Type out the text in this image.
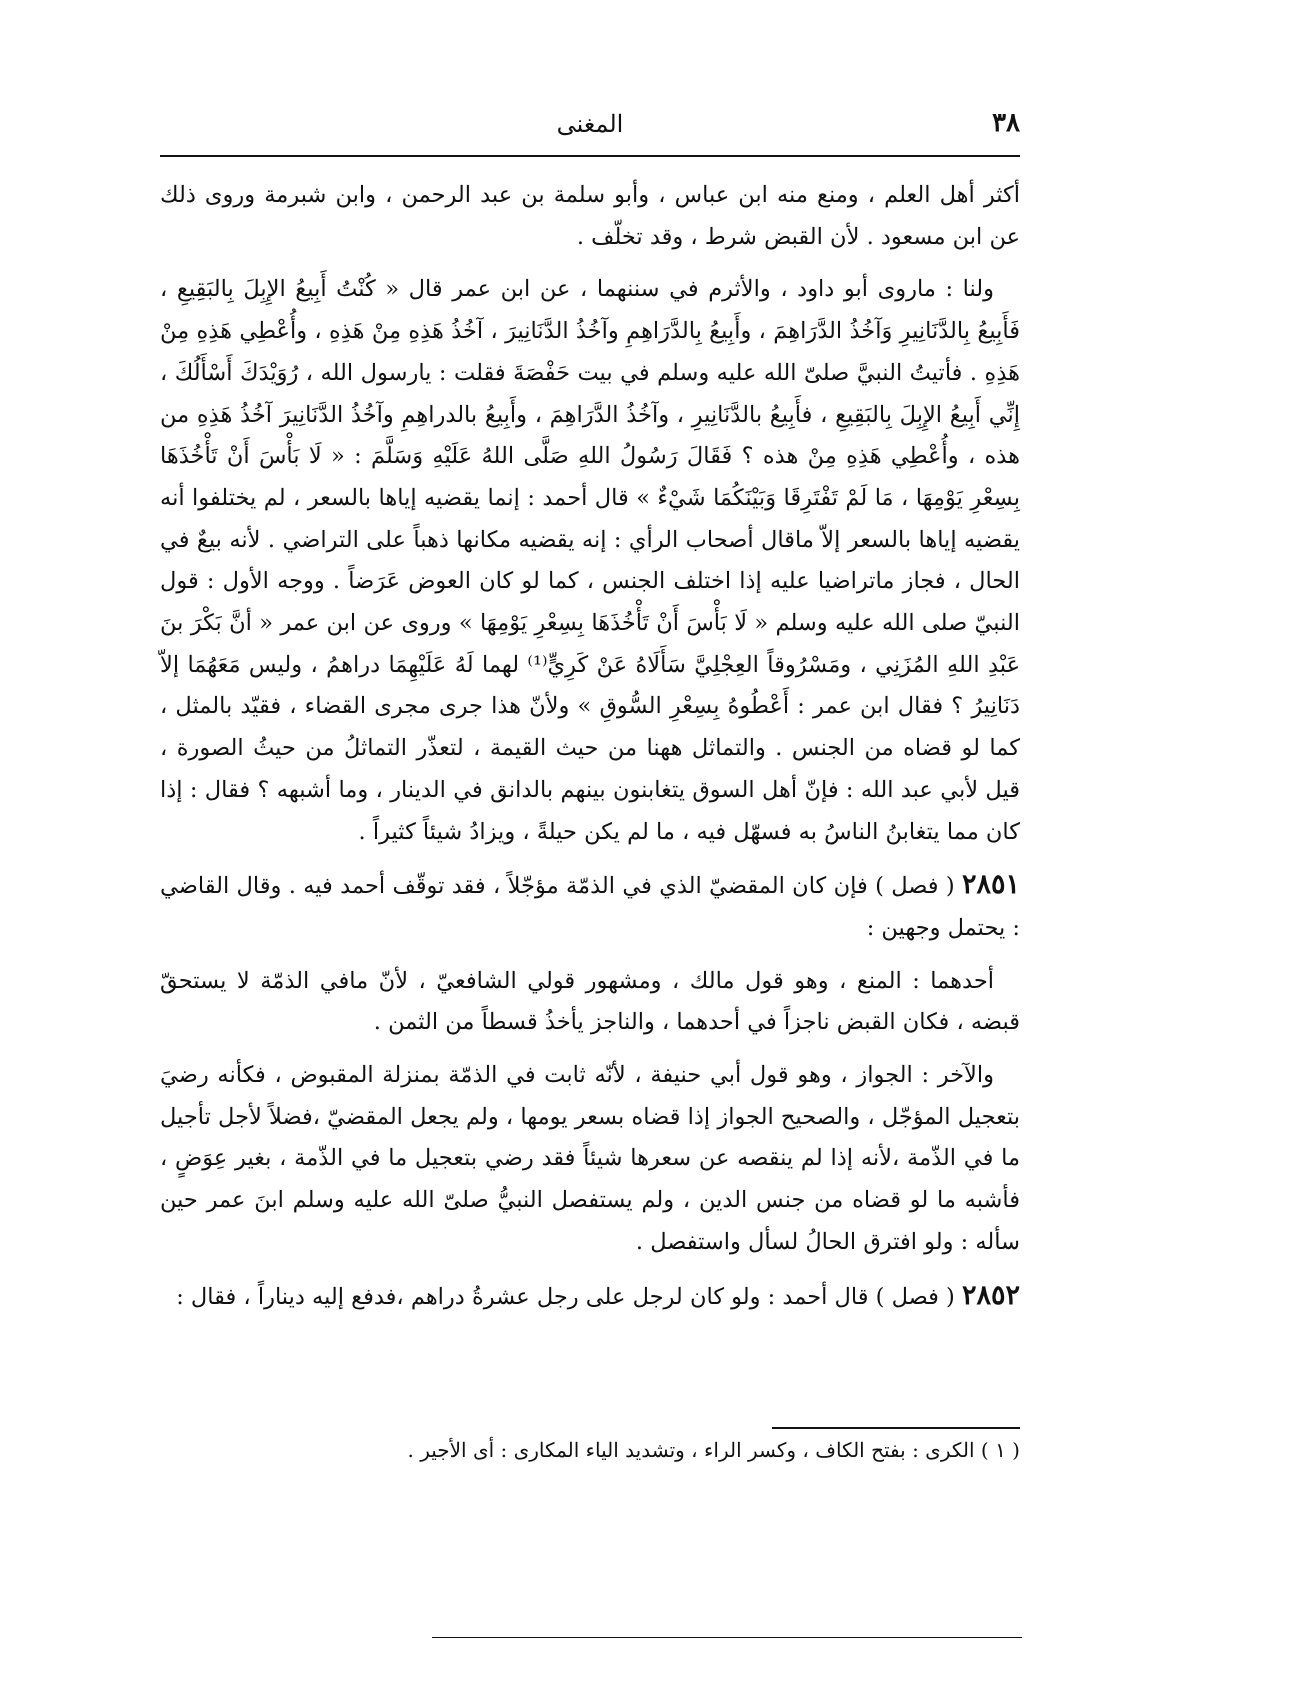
٣٨
المغنى

أكثر أهل العلم ، ومنع منه ابن عباس ، وأبو سلمة بن عبد الرحمن ، وابن شبرمة وروى ذلك عن ابن مسعود . لأن القبض شرط ، وقد تخلّف .

ولنا : ماروى أبو داود ، والأثرم في سننهما ، عن ابن عمر قال « كُنْتُ أَبِيعُ الإِبِلَ بِالبَقِيعِ ، فَأَبِيعُ بِالدَّنَانِيرِ وَآخُذُ الدَّرَاهِمَ ، وأَبِيعُ بِالدَّرَاهِمِ وآخُذُ الدَّنَانِيرَ ، آخُذُ هَذِهِ مِنْ هَذِهِ ، وأُعْطِي هَذِهِ مِنْ هَذِهِ . فأتيتُ النبيَّ صلىّ الله عليه وسلم في بيت حَفْصَةَ فقلت : يارسول الله ، رُوَيْدَكَ أَسْأَلُكَ ، إِنِّي أَبِيعُ الإِبِلَ بِالبَقِيعِ ، فأَبِيعُ بالدَّنَانِيرِ ، وآخُذُ الدَّرَاهِمَ ، وأَبِيعُ بالدراهِمِ وآخُذُ الدَّنَانِيرَ آخُذُ هَذِهِ من هذه ، وأُعْطِي هَذِهِ مِنْ هذه ؟ فَقَالَ رَسُولُ اللهِ صَلَّى اللهُ عَلَيْهِ وَسَلَّمَ : « لَا بَأْسَ أَنْ تَأْخُذَهَا بِسِعْرِ يَوْمِهَا ، مَا لَمْ تَفْتَرِقَا وَبَيْنَكُمَا شَيْءٌ » قال أحمد : إنما يقضيه إياها بالسعر ، لم يختلفوا أنه يقضيه إياها بالسعر إلاّ ماقال أصحاب الرأي : إنه يقضيه مكانها ذهباً على التراضي . لأنه بيعٌ في الحال ، فجاز ماتراضيا عليه إذا اختلف الجنس ، كما لو كان العوض عَرَضاً . ووجه الأول : قول النبيّ صلى الله عليه وسلم « لَا بَأْسَ أَنْ تَأْخُذَهَا بِسِعْرِ يَوْمِهَا » وروى عن ابن عمر « أنَّ بَكْرَ بنَ عَبْدِ اللهِ المُزَنِي ، ومَسْرُوقاً العِجْلِيَّ سَأَلَاهُ عَنْ كَرِيٍّ⁽¹⁾ لهما لَهُ عَلَيْهِمَا دراهمُ ، وليس مَعَهُمَا إلاّ دَنَانِيرُ ؟ فقال ابن عمر : أَعْطُوهُ بِسِعْرِ السُّوقِ » ولأنّ هذا جرى مجرى القضاء ، فقيّد بالمثل ، كما لو قضاه من الجنس . والتماثل ههنا من حيث القيمة ، لتعذّر التماثلُ من حيثُ الصورة ، قيل لأبي عبد الله : فإنّ أهل السوق يتغابنون بينهم بالدانق في الدينار ، وما أشبهه ؟ فقال : إذا كان مما يتغابنُ الناسُ به فسهّل فيه ، ما لم يكن حيلةً ، ويزادُ شيئاً كثيراً .

٢٨٥١ ( فصل ) فإن كان المقضيّ الذي في الذمّة مؤجّلاً ، فقد توقّف أحمد فيه . وقال القاضي : يحتمل وجهين :

أحدهما : المنع ، وهو قول مالك ، ومشهور قولي الشافعيّ ، لأنّ مافي الذمّة لا يستحقّ قبضه ، فكان القبض ناجزاً في أحدهما ، والناجز يأخذُ قسطاً من الثمن .

والآخر : الجواز ، وهو قول أبي حنيفة ، لأنّه ثابت في الذمّة بمنزلة المقبوض ، فكأنه رضيَ بتعجيل المؤجّل ، والصحيح الجواز إذا قضاه بسعر يومها ، ولم يجعل المقضيّ ،فضلاً لأجل تأجيل ما في الذّمة ،لأنه إذا لم ينقصه عن سعرها شيئاً فقد رضي بتعجيل ما في الذّمة ، بغير عِوَضٍ ، فأشبه ما لو قضاه من جنس الدين ، ولم يستفصل النبيُّ صلىّ الله عليه وسلم ابنَ عمر حين سأله : ولو افترق الحالُ لسأل واستفصل .

٢٨٥٢ ( فصل ) قال أحمد : ولو كان لرجل على رجل عشرةُ دراهم ،فدفع إليه ديناراً ، فقال :

( ١ ) الكرى : بفتح الكاف ، وكسر الراء ، وتشديد الياء المكارى : أى الأجير .
